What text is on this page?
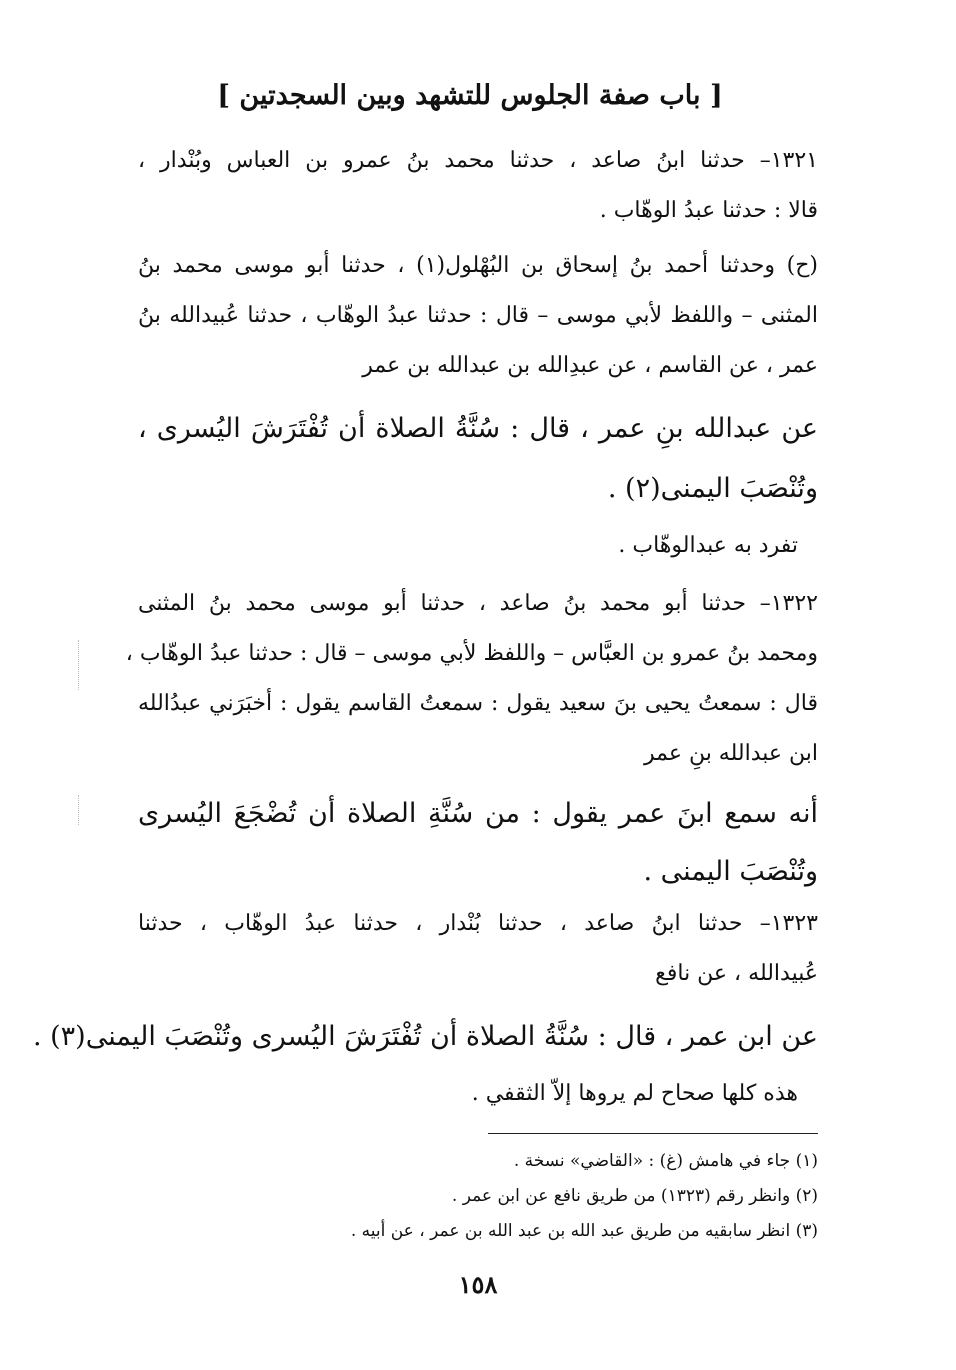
[ باب صفة الجلوس للتشهد وبين السجدتين ]
١٣٢١– حدثنا ابنُ صاعد ، حدثنا محمد بنُ عمرو بن العباس وبُنْدار ،
قالا : حدثنا عبدُ الوهّاب .
(ح) وحدثنا أحمد بنُ إسحاق بن البُهْلول(١) ، حدثنا أبو موسى محمد بنُ
المثنى – واللفظ لأبي موسى – قال : حدثنا عبدُ الوهّاب ، حدثنا عُبيدالله بنُ
عمر ، عن القاسم ، عن عبدِالله بن عبدالله بن عمر
عن عبدالله بنِ عمر ، قال : سُنَّةُ الصلاة أن تُفْتَرَشَ اليُسرى ،
وتُنْصَبَ اليمنى(٢) .
تفرد به عبدالوهّاب .
١٣٢٢– حدثنا أبو محمد بنُ صاعد ، حدثنا أبو موسى محمد بنُ المثنى
ومحمد بنُ عمرو بن العبَّاس – واللفظ لأبي موسى – قال : حدثنا عبدُ الوهّاب ،
قال : سمعتُ يحيى بنَ سعيد يقول : سمعتُ القاسم يقول : أخبَرَني عبدُالله
ابن عبدالله بنِ عمر
أنه سمع ابنَ عمر يقول : من سُنَّةِ الصلاة أن تُضْجَعَ اليُسرى
وتُنْصَبَ اليمنى .
١٣٢٣– حدثنا ابنُ صاعد ، حدثنا بُنْدار ، حدثنا عبدُ الوهّاب ، حدثنا
عُبيدالله ، عن نافع
عن ابن عمر ، قال : سُنَّةُ الصلاة أن تُفْتَرَشَ اليُسرى وتُنْصَبَ اليمنى(٣) .
هذه كلها صحاح لم يروها إلاّ الثقفي .
(١) جاء في هامش (غ) : «القاضي» نسخة .
(٢) وانظر رقم (١٣٢٣) من طريق نافع عن ابن عمر .
(٣) انظر سابقيه من طريق عبد الله بن عبد الله بن عمر ، عن أبيه .
١٥٨
